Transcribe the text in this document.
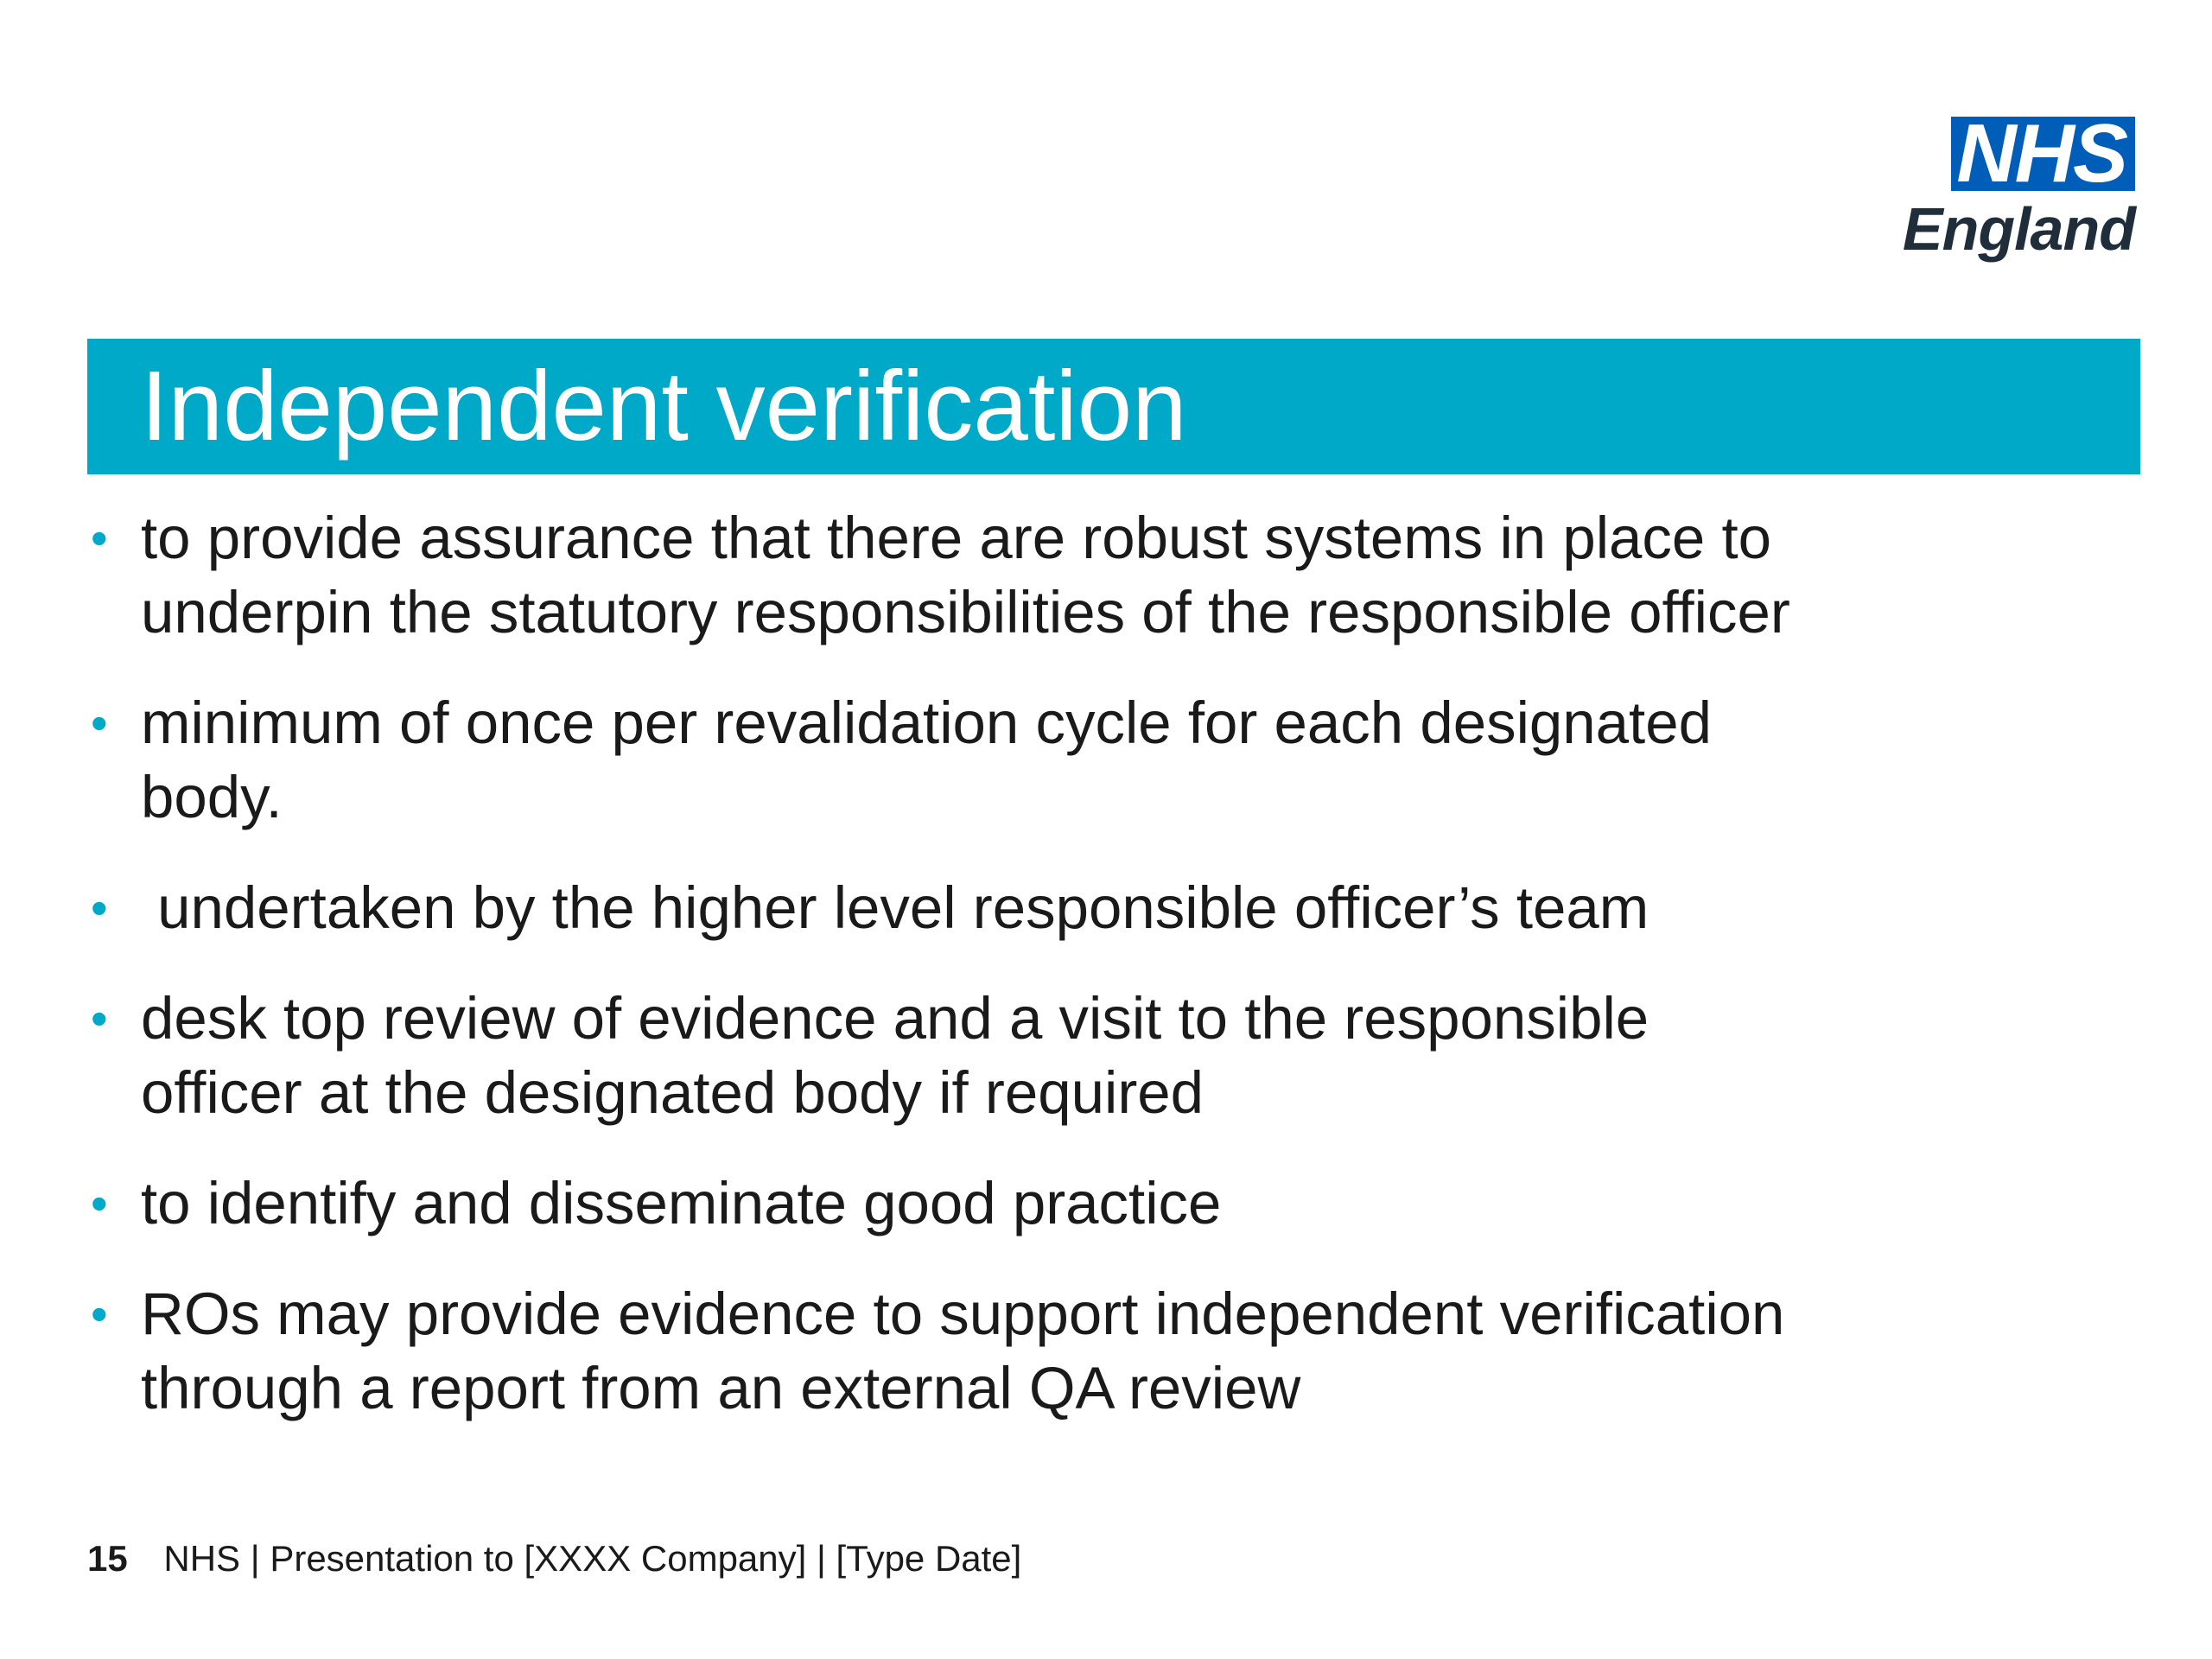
NHS
England
Independent verification
• to provide assurance that there are robust systems in place to underpin the statutory responsibilities of the responsible officer
• minimum of once per revalidation cycle for each designated body.
• undertaken by the higher level responsible officer’s team
• desk top review of evidence and a visit to the responsible officer at the designated body if required
• to identify and disseminate good practice
• ROs may provide evidence to support independent verification through a report from an external QA review
15 NHS | Presentation to [XXXX Company] | [Type Date]
